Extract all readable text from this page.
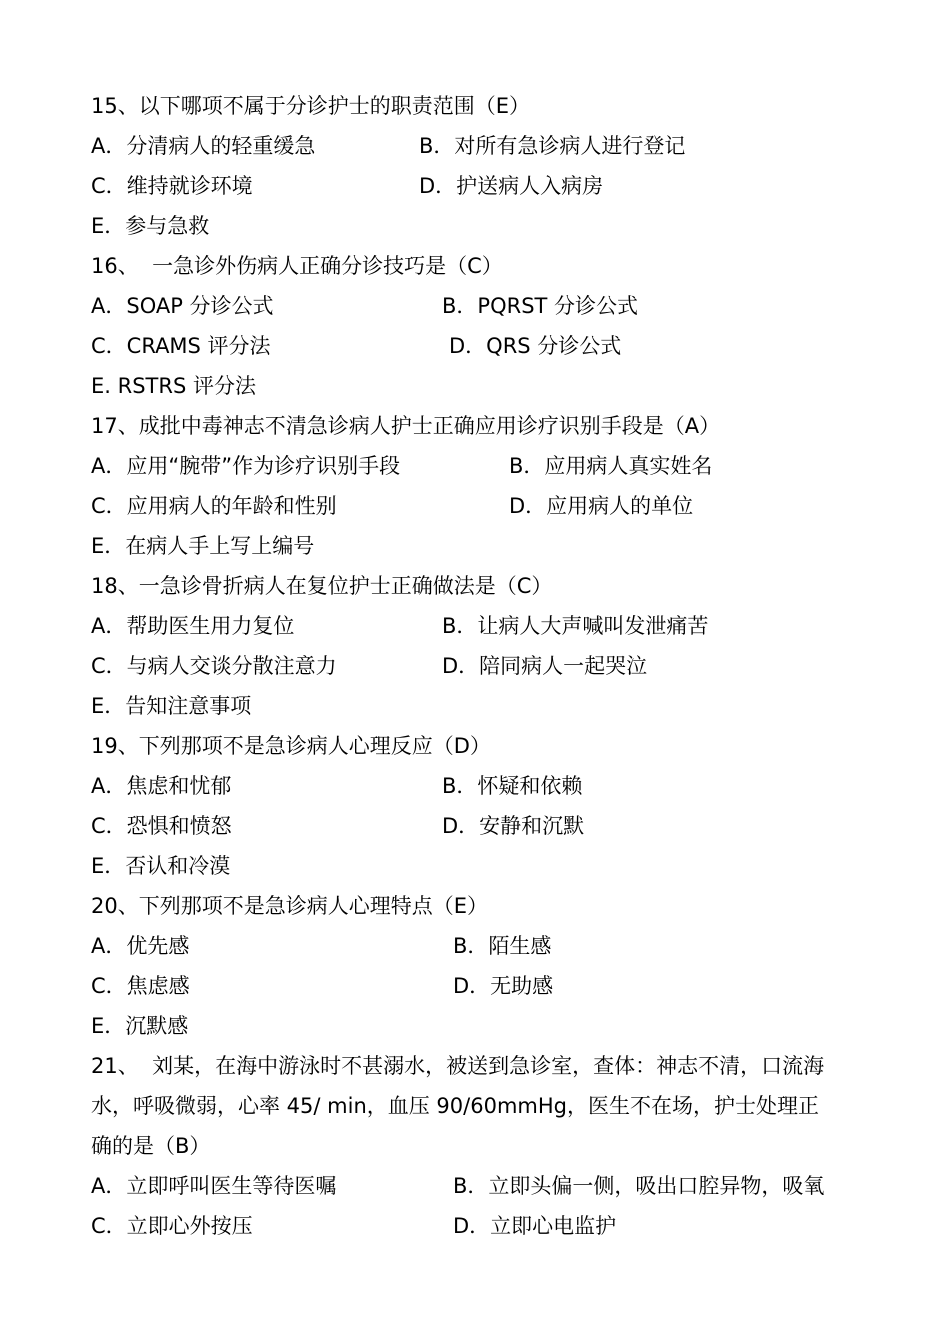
15、以下哪项不属于分诊护士的职责范围（E）
A．分清病人的轻重缓急	B．对所有急诊病人进行登记
C．维持就诊环境	D．护送病人入病房
E．参与急救
16、  一急诊外伤病人正确分诊技巧是（C）
A．SOAP 分诊公式	B．PQRST 分诊公式
C．CRAMS 评分法	D．QRS 分诊公式
E. RSTRS 评分法
17、成批中毒神志不清急诊病人护士正确应用诊疗识别手段是（A）
A．应用“腕带”作为诊疗识别手段	B．应用病人真实姓名
C．应用病人的年龄和性别	D．应用病人的单位
E．在病人手上写上编号
18、一急诊骨折病人在复位护士正确做法是（C）
A．帮助医生用力复位	B．让病人大声喊叫发泄痛苦
C．与病人交谈分散注意力	D．陪同病人一起哭泣
E．告知注意事项
19、下列那项不是急诊病人心理反应（D）
A．焦虑和忧郁	B．怀疑和依赖
C．恐惧和愤怒	D．安静和沉默
E．否认和冷漠
20、下列那项不是急诊病人心理特点（E）
A．优先感	B．陌生感
C．焦虑感	D．无助感
E．沉默感
21、  刘某，在海中游泳时不甚溺水，被送到急诊室，查体：神志不清，口流海
水，呼吸微弱，心率 45/ min，血压 90/60mmHg，医生不在场，护士处理正
确的是（B）
A．立即呼叫医生等待医嘱	B．立即头偏一侧，吸出口腔异物，吸氧
C．立即心外按压	D．立即心电监护
